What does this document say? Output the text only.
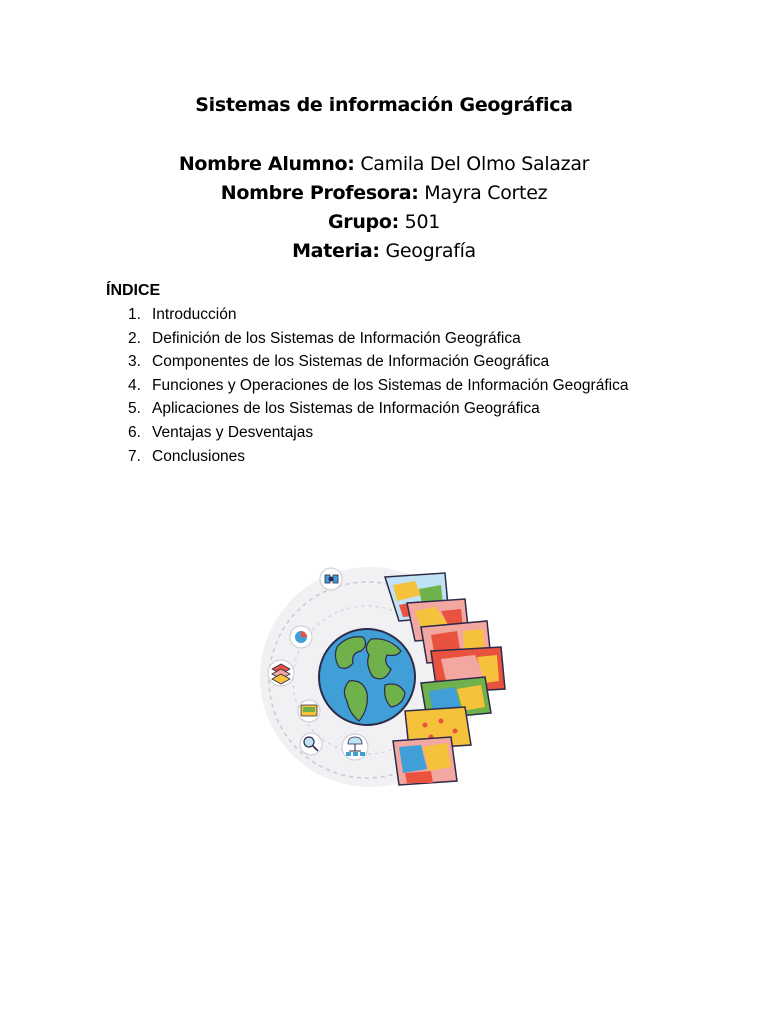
Sistemas de información Geográfica
Nombre Alumno: Camila Del Olmo Salazar
Nombre Profesora: Mayra Cortez
Grupo: 501
Materia: Geografía
ÍNDICE
1. Introducción
2. Definición de los Sistemas de Información Geográfica
3. Componentes de los Sistemas de Información Geográfica
4. Funciones y Operaciones de los Sistemas de Información Geográfica
5. Aplicaciones de los Sistemas de Información Geográfica
6. Ventajas y Desventajas
7. Conclusiones
